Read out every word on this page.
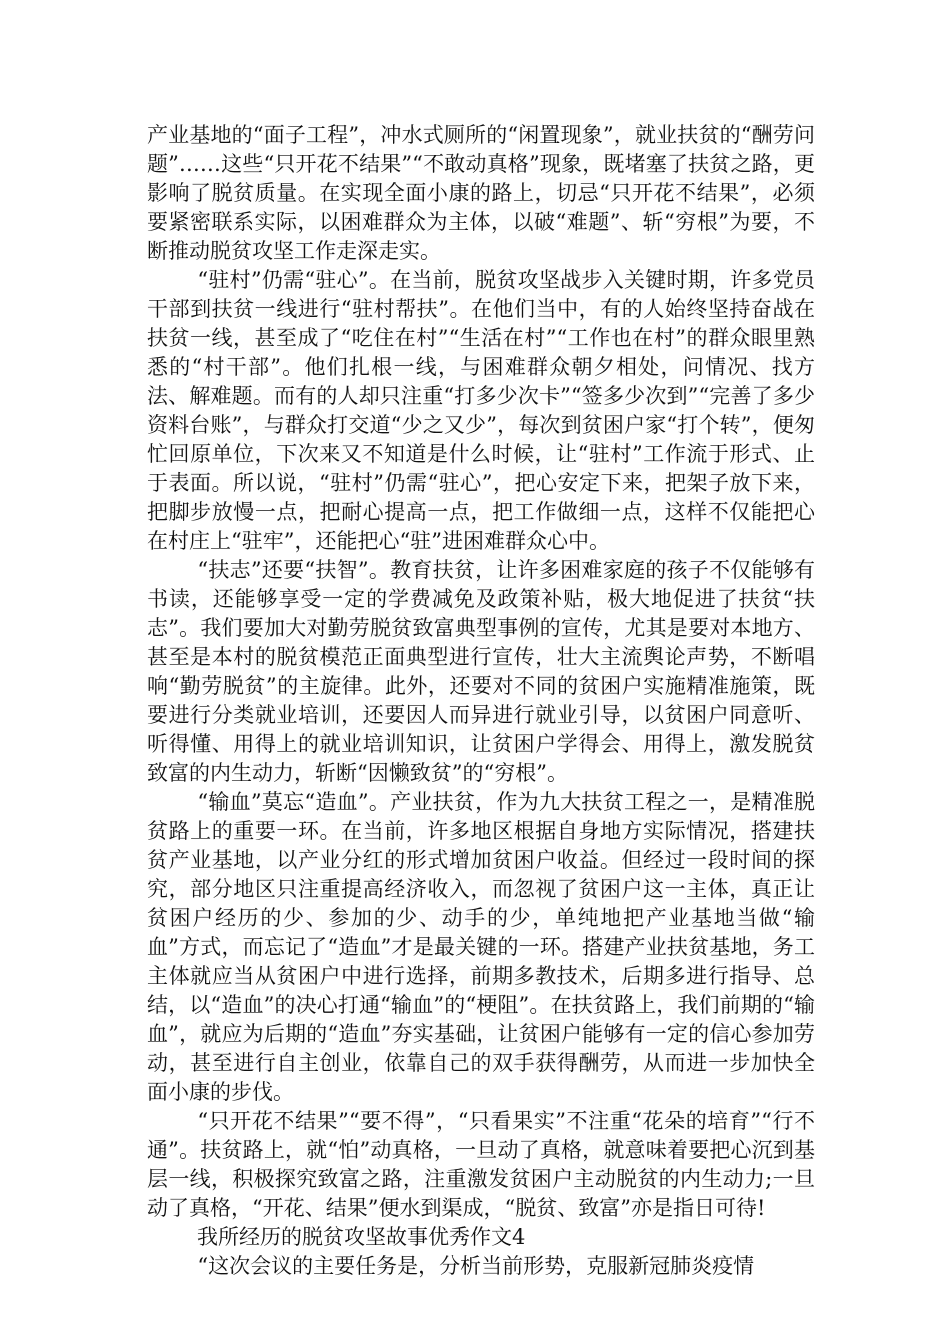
产业基地的“面子工程”，冲水式厕所的“闲置现象”，就业扶贫的“酬劳问题”……这些“只开花不结果”“不敢动真格”现象，既堵塞了扶贫之路，更影响了脱贫质量。在实现全面小康的路上，切忌“只开花不结果”，必须要紧密联系实际，以困难群众为主体，以破“难题”、斩“穷根”为要，不断推动脱贫攻坚工作走深走实。

“驻村”仍需“驻心”。在当前，脱贫攻坚战步入关键时期，许多党员干部到扶贫一线进行“驻村帮扶”。在他们当中，有的人始终坚持奋战在扶贫一线，甚至成了“吃住在村”“生活在村”“工作也在村”的群众眼里熟悉的“村干部”。他们扎根一线，与困难群众朝夕相处，问情况、找方法、解难题。而有的人却只注重“打多少次卡”“签多少次到”“完善了多少资料台账”，与群众打交道“少之又少”，每次到贫困户家“打个转”，便匆忙回原单位，下次来又不知道是什么时候，让“驻村”工作流于形式、止于表面。所以说，“驻村”仍需“驻心”，把心安定下来，把架子放下来，把脚步放慢一点，把耐心提高一点，把工作做细一点，这样不仅能把心在村庄上“驻牢”，还能把心“驻”进困难群众心中。

“扶志”还要“扶智”。教育扶贫，让许多困难家庭的孩子不仅能够有书读，还能够享受一定的学费减免及政策补贴，极大地促进了扶贫“扶志”。我们要加大对勤劳脱贫致富典型事例的宣传，尤其是要对本地方、甚至是本村的脱贫模范正面典型进行宣传，壮大主流舆论声势，不断唱响“勤劳脱贫”的主旋律。此外，还要对不同的贫困户实施精准施策，既要进行分类就业培训，还要因人而异进行就业引导，以贫困户同意听、听得懂、用得上的就业培训知识，让贫困户学得会、用得上，激发脱贫致富的内生动力，斩断“因懒致贫”的“穷根”。

“输血”莫忘“造血”。产业扶贫，作为九大扶贫工程之一，是精准脱贫路上的重要一环。在当前，许多地区根据自身地方实际情况，搭建扶贫产业基地，以产业分红的形式增加贫困户收益。但经过一段时间的探究，部分地区只注重提高经济收入，而忽视了贫困户这一主体，真正让贫困户经历的少、参加的少、动手的少，单纯地把产业基地当做“输血”方式，而忘记了“造血”才是最关键的一环。搭建产业扶贫基地，务工主体就应当从贫困户中进行选择，前期多教技术，后期多进行指导、总结，以“造血”的决心打通“输血”的“梗阻”。在扶贫路上，我们前期的“输血”，就应为后期的“造血”夯实基础，让贫困户能够有一定的信心参加劳动，甚至进行自主创业，依靠自己的双手获得酬劳，从而进一步加快全面小康的步伐。

“只开花不结果”“要不得”，“只看果实”不注重“花朵的培育”“行不通”。扶贫路上，就“怕”动真格，一旦动了真格，就意味着要把心沉到基层一线，积极探究致富之路，注重激发贫困户主动脱贫的内生动力;一旦动了真格，“开花、结果”便水到渠成，“脱贫、致富”亦是指日可待!

我所经历的脱贫攻坚故事优秀作文4

“这次会议的主要任务是，分析当前形势，克服新冠肺炎疫情
